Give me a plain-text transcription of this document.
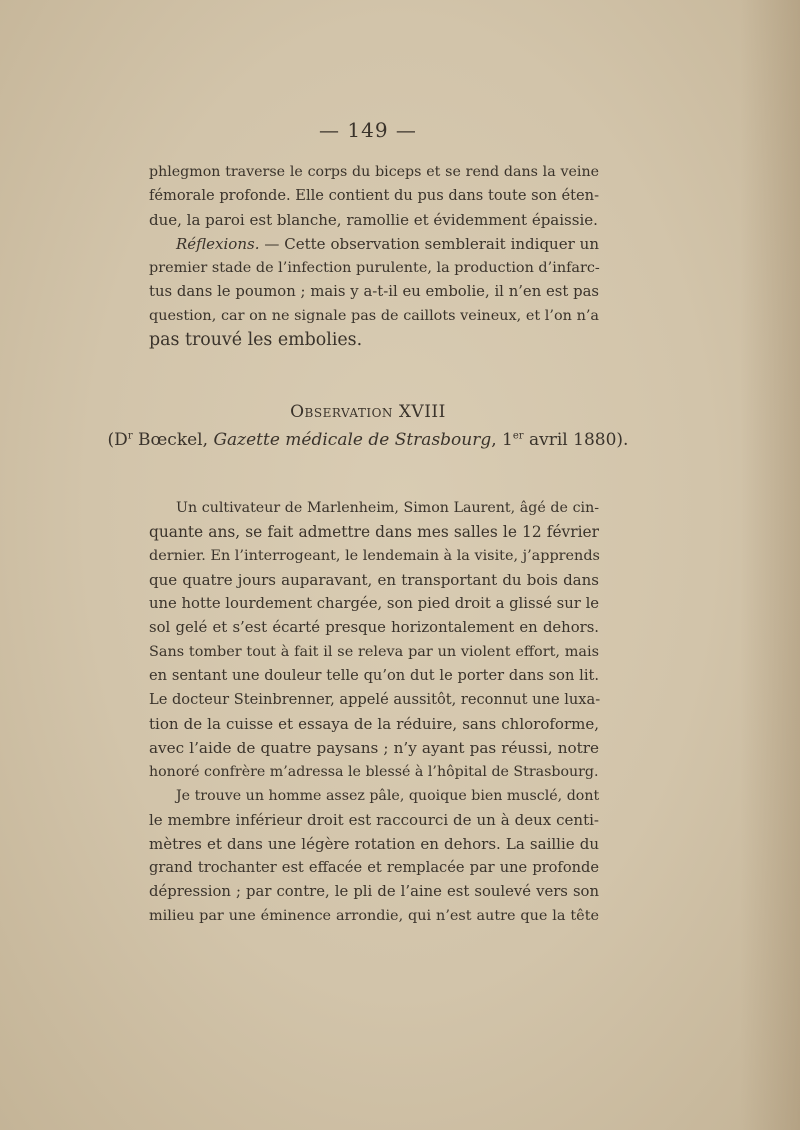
— 149 —
phlegmon traverse le corps du biceps et se rend dans la veine
fémorale profonde. Elle contient du pus dans toute son éten-
due, la paroi est blanche, ramollie et évidemment épaissie.
Réflexions. — Cette observation semblerait indiquer un
premier stade de l’infection purulente, la production d’infarc-
tus dans le poumon ; mais y a-t-il eu embolie, il n’en est pas
question, car on ne signale pas de caillots veineux, et l’on n’a
pas trouvé les embolies.
Observation XVIII
($D^r$ Bœckel, Gazette médicale de Strasbourg, 1er avril 1880).
Un cultivateur de Marlenheim, Simon Laurent, âgé de cin-
quante ans, se fait admettre dans mes salles le 12 février
dernier. En l’interrogeant, le lendemain à la visite, j’apprends
que quatre jours auparavant, en transportant du bois dans
une hotte lourdement chargée, son pied droit a glissé sur le
sol gelé et s’est écarté presque horizontalement en dehors.
Sans tomber tout à fait il se releva par un violent effort, mais
en sentant une douleur telle qu’on dut le porter dans son lit.
Le docteur Steinbrenner, appelé aussitôt, reconnut une luxa-
tion de la cuisse et essaya de la réduire, sans chloroforme,
avec l’aide de quatre paysans ; n’y ayant pas réussi, notre
honoré confrère m’adressa le blessé à l’hôpital de Strasbourg.
Je trouve un homme assez pâle, quoique bien musclé, dont
le membre inférieur droit est raccourci de un à deux centi-
mètres et dans une légère rotation en dehors. La saillie du
grand trochanter est effacée et remplacée par une profonde
dépression ; par contre, le pli de l’aine est soulevé vers son
milieu par une éminence arrondie, qui n’est autre que la tête
